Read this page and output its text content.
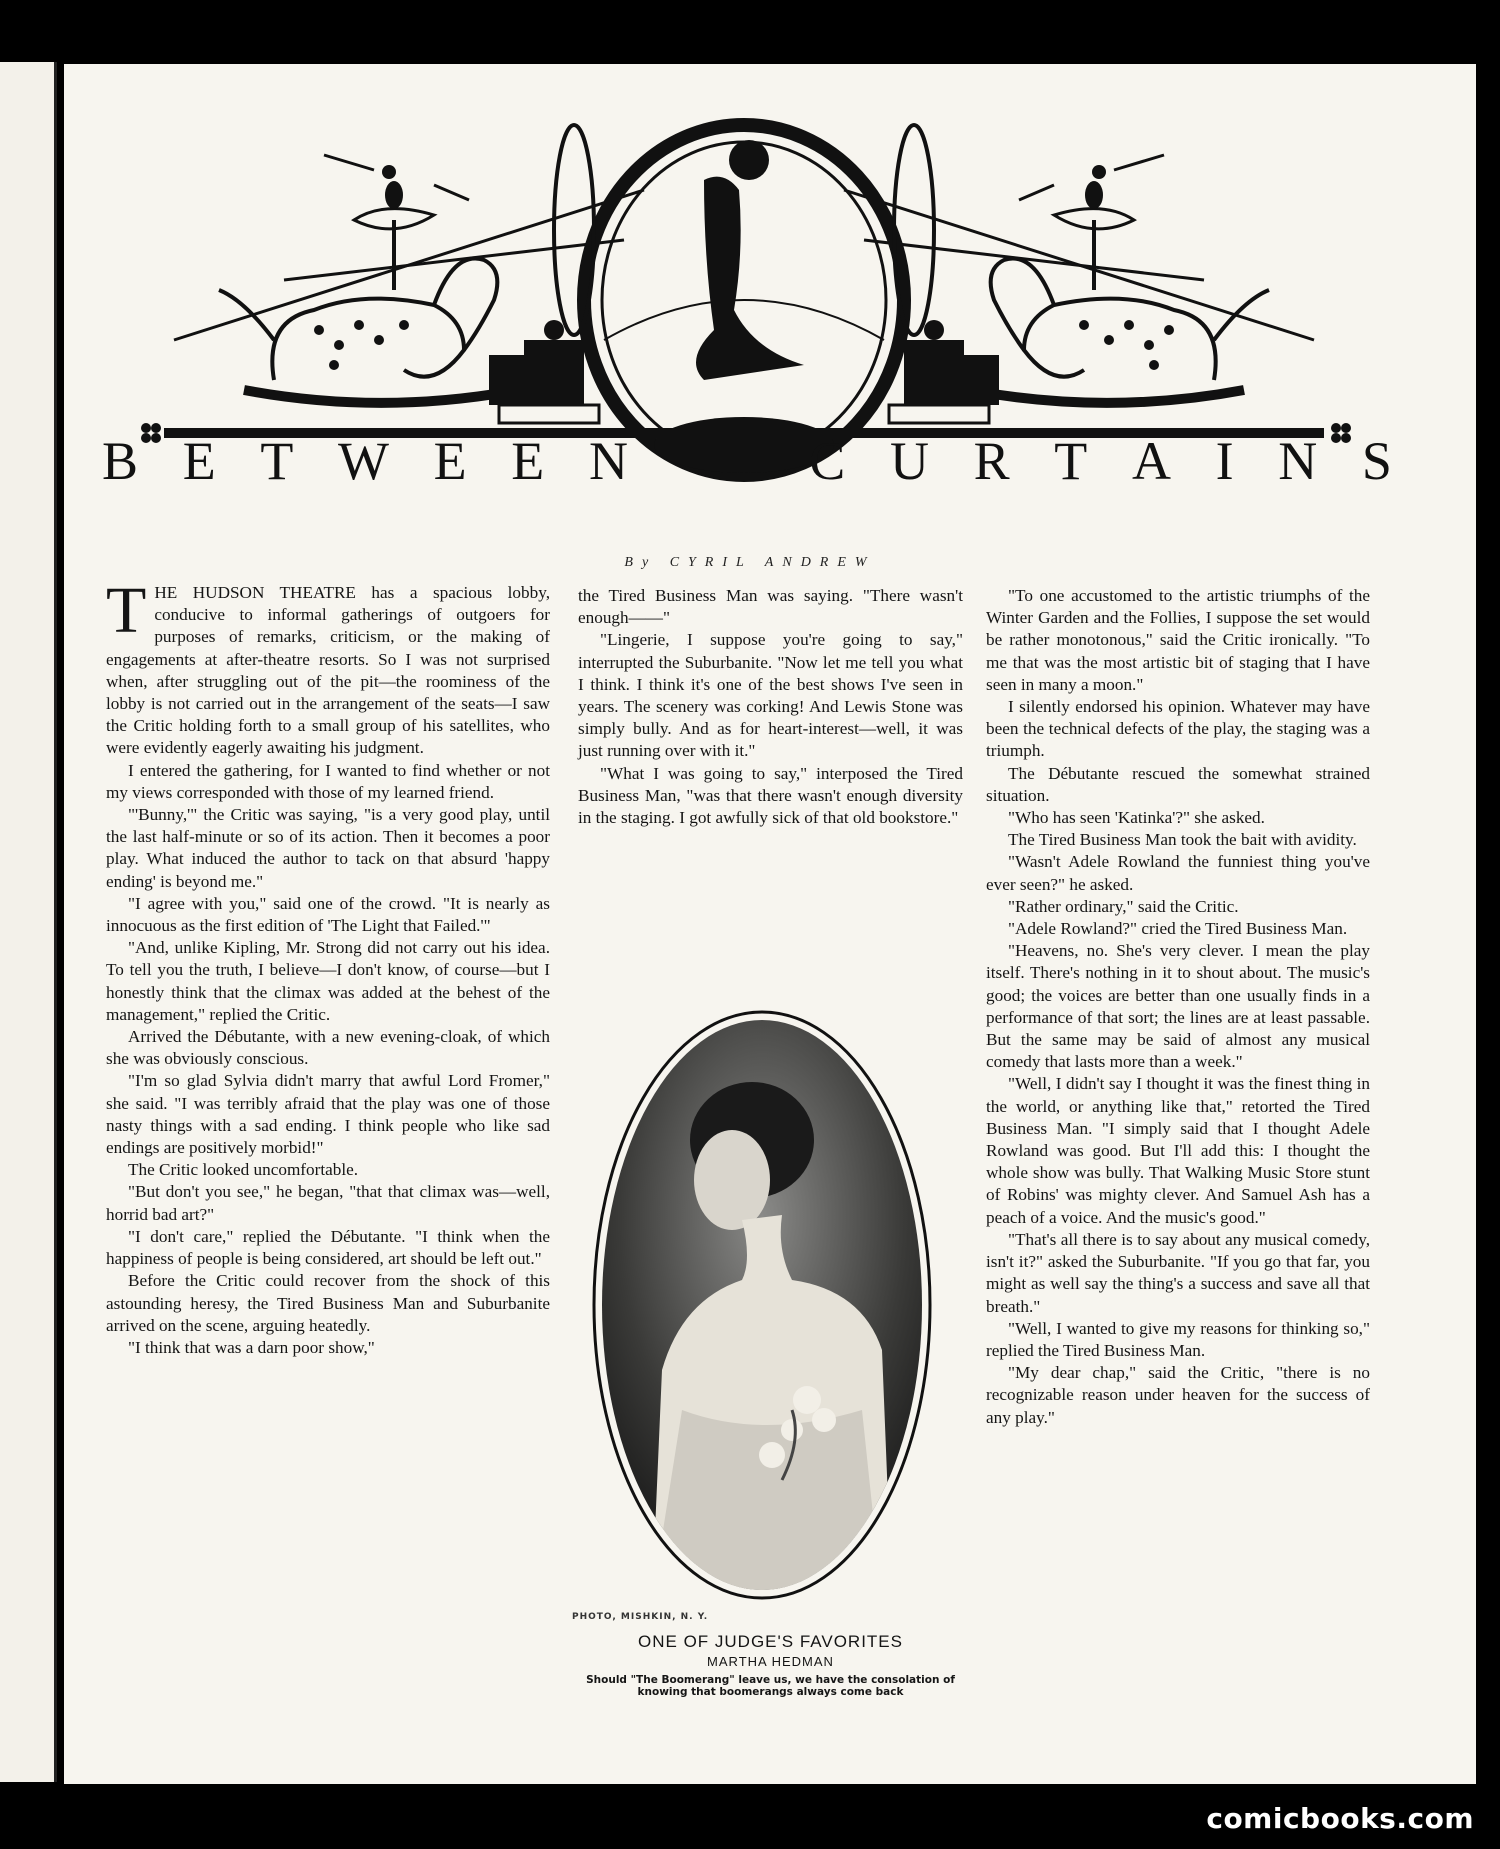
B E T W E E N	C U R T A I N S
By CYRIL ANDREW

THE HUDSON THEATRE has a spacious lobby, conducive to informal gatherings of outgoers for purposes of remarks, criticism, or the making of engagements at after-theatre resorts. So I was not surprised when, after struggling out of the pit—the roominess of the lobby is not carried out in the arrangement of the seats—I saw the Critic holding forth to a small group of his satellites, who were evidently eagerly awaiting his judgment.

I entered the gathering, for I wanted to find whether or not my views corresponded with those of my learned friend.

"'Bunny,'" the Critic was saying, "is a very good play, until the last half-minute or so of its action. Then it becomes a poor play. What induced the author to tack on that absurd 'happy ending' is beyond me."

"I agree with you," said one of the crowd. "It is nearly as innocuous as the first edition of 'The Light that Failed.'"

"And, unlike Kipling, Mr. Strong did not carry out his idea. To tell you the truth, I believe—I don't know, of course—but I honestly think that the climax was added at the behest of the management," replied the Critic.

Arrived the Débutante, with a new evening-cloak, of which she was obviously conscious.

"I'm so glad Sylvia didn't marry that awful Lord Fromer," she said. "I was terribly afraid that the play was one of those nasty things with a sad ending. I think people who like sad endings are positively morbid!"

The Critic looked uncomfortable.

"But don't you see," he began, "that that climax was—well, horrid bad art?"

"I don't care," replied the Débutante. "I think when the happiness of people is being considered, art should be left out."

Before the Critic could recover from the shock of this astounding heresy, the Tired Business Man and Suburbanite arrived on the scene, arguing heatedly.

"I think that was a darn poor show,"

the Tired Business Man was saying. "There wasn't enough——"

"Lingerie, I suppose you're going to say," interrupted the Suburbanite. "Now let me tell you what I think. I think it's one of the best shows I've seen in years. The scenery was corking! And Lewis Stone was simply bully. And as for heart-interest—well, it was just running over with it."

"What I was going to say," interposed the Tired Business Man, "was that there wasn't enough diversity in the staging. I got awfully sick of that old bookstore."

PHOTO, MISHKIN, N. Y.
ONE OF JUDGE'S FAVORITES
MARTHA HEDMAN
Should "The Boomerang" leave us, we have the consolation of knowing that boomerangs always come back

"To one accustomed to the artistic triumphs of the Winter Garden and the Follies, I suppose the set would be rather monotonous," said the Critic ironically. "To me that was the most artistic bit of staging that I have seen in many a moon."

I silently endorsed his opinion. Whatever may have been the technical defects of the play, the staging was a triumph.

The Débutante rescued the somewhat strained situation.

"Who has seen 'Katinka'?" she asked.

The Tired Business Man took the bait with avidity.

"Wasn't Adele Rowland the funniest thing you've ever seen?" he asked.

"Rather ordinary," said the Critic.

"Adele Rowland?" cried the Tired Business Man.

"Heavens, no. She's very clever. I mean the play itself. There's nothing in it to shout about. The music's good; the voices are better than one usually finds in a performance of that sort; the lines are at least passable. But the same may be said of almost any musical comedy that lasts more than a week."

"Well, I didn't say I thought it was the finest thing in the world, or anything like that," retorted the Tired Business Man. "I simply said that I thought Adele Rowland was good. But I'll add this: I thought the whole show was bully. That Walking Music Store stunt of Robins' was mighty clever. And Samuel Ash has a peach of a voice. And the music's good."

"That's all there is to say about any musical comedy, isn't it?" asked the Suburbanite. "If you go that far, you might as well say the thing's a success and save all that breath."

"Well, I wanted to give my reasons for thinking so," replied the Tired Business Man.

"My dear chap," said the Critic, "there is no recognizable reason under heaven for the success of any play."

comicbooks.com
